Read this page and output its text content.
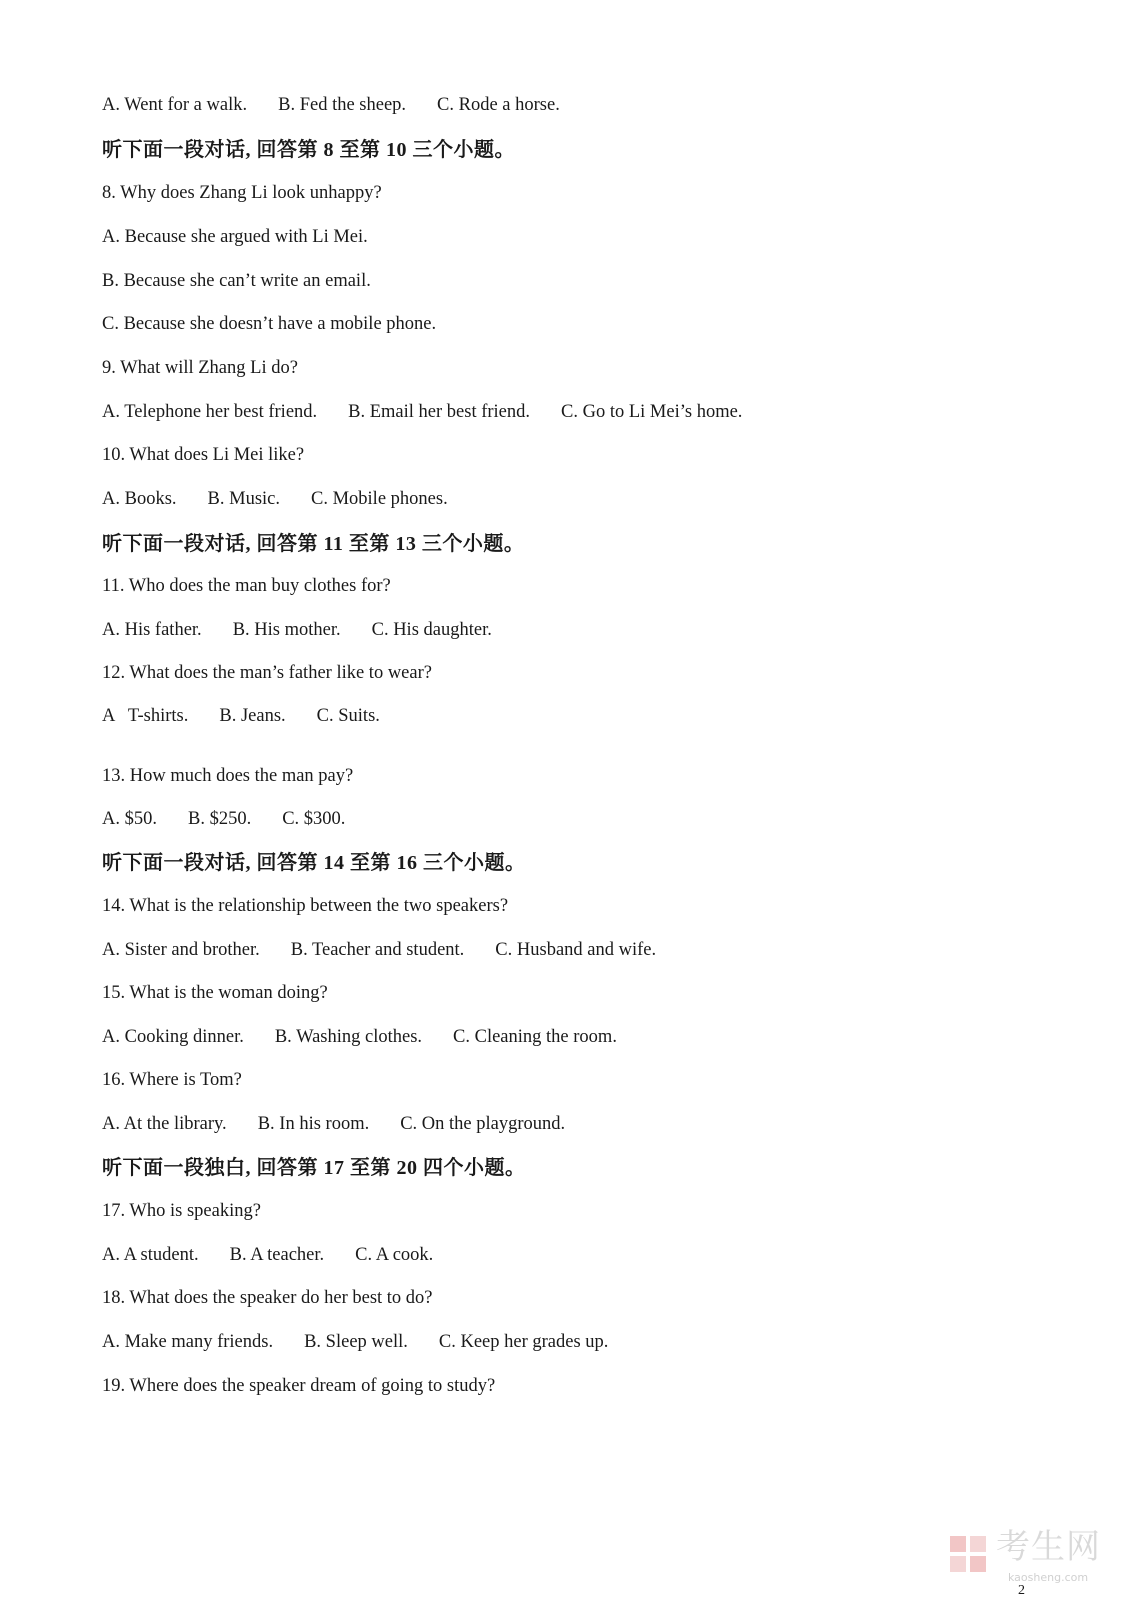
A. Went for a walk. B. Fed the sheep. C. Rode a horse.
听下面一段对话, 回答第 8 至第 10 三个小题。
8. Why does Zhang Li look unhappy?
A. Because she argued with Li Mei.
B. Because she can’t write an email.
C. Because she doesn’t have a mobile phone.
9. What will Zhang Li do?
A. Telephone her best friend. B. Email her best friend. C. Go to Li Mei’s home.
10. What does Li Mei like?
A. Books. B. Music. C. Mobile phones.
听下面一段对话, 回答第 11 至第 13 三个小题。
11. Who does the man buy clothes for?
A. His father. B. His mother. C. His daughter.
12. What does the man’s father like to wear?
A   T-shirts. B. Jeans. C. Suits.
13. How much does the man pay?
A. $50. B. $250. C. $300.
听下面一段对话, 回答第 14 至第 16 三个小题。
14. What is the relationship between the two speakers?
A. Sister and brother. B. Teacher and student. C. Husband and wife.
15. What is the woman doing?
A. Cooking dinner. B. Washing clothes. C. Cleaning the room.
16. Where is Tom?
A. At the library. B. In his room. C. On the playground.
听下面一段独白, 回答第 17 至第 20 四个小题。
17. Who is speaking?
A. A student. B. A teacher. C. A cook.
18. What does the speaker do her best to do?
A. Make many friends. B. Sleep well. C. Keep her grades up.
19. Where does the speaker dream of going to study?
考生网
kaosheng.com
2
